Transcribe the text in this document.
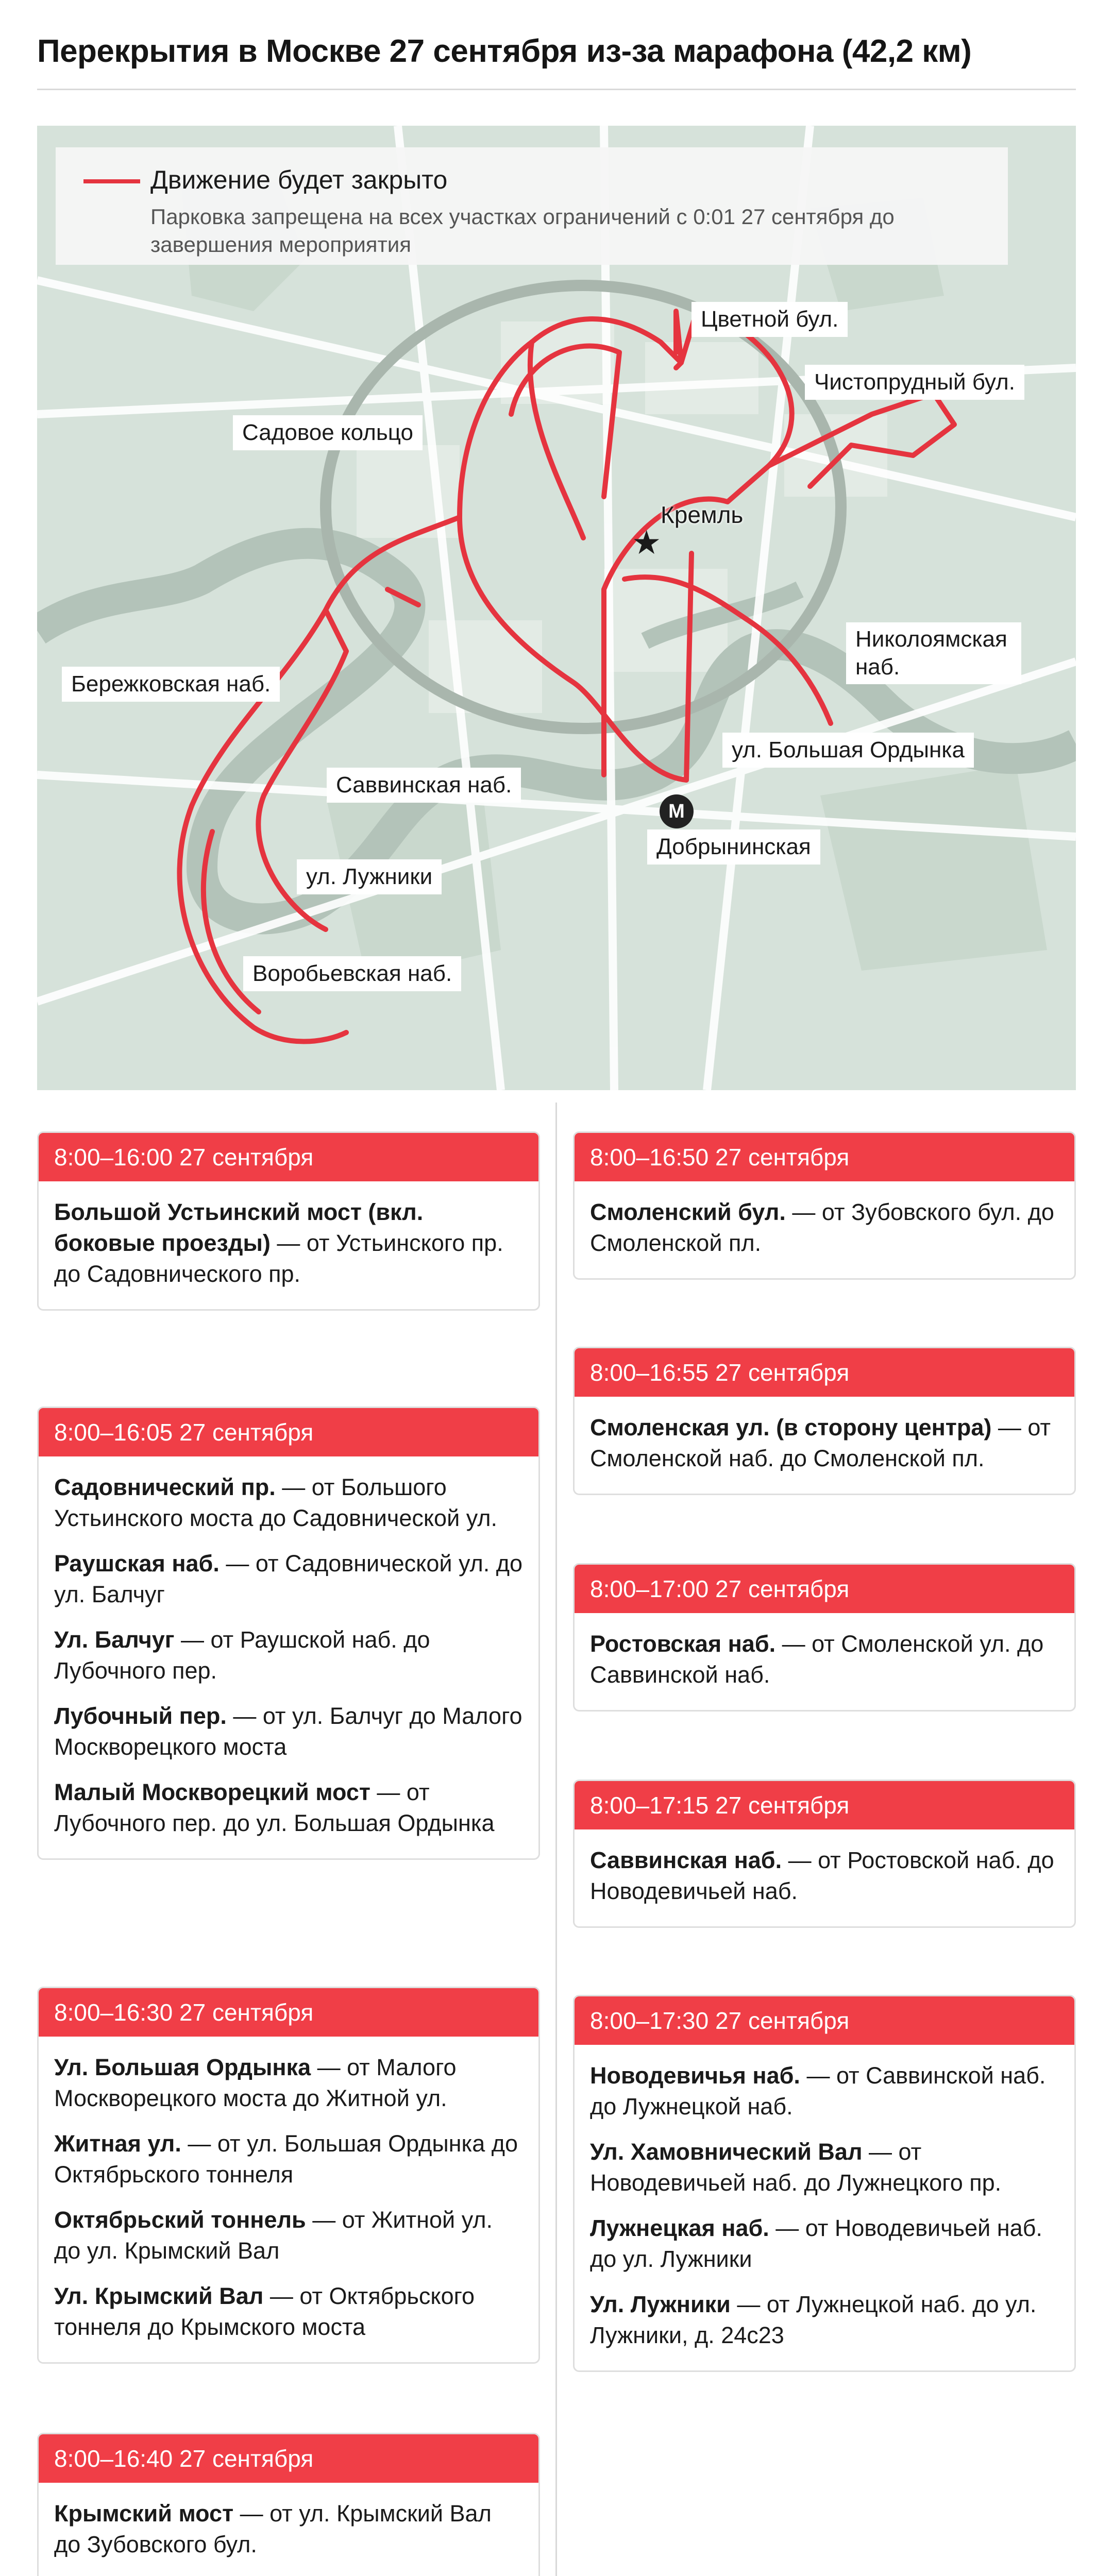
Перекрытия в Москве 27 сентября из-за марафона (42,2 км)
Движение будет закрыто
Парковка запрещена на всех участках ограничений с 0:01 27 сентября до завершения мероприятия
Цветной бул.
Чистопрудный бул.
Садовое кольцо
★
Кремль
Николоямская наб.
Бережковская наб.
Саввинская наб.
ул. Большая Ордынка
М
Добрынинская
ул. Лужники
Воробьевская наб.
8:00–16:00 27 сентября
Большой Устьинский мост (вкл. боковые проезды) — от Устьинского пр. до Садовнического пр.
8:00–16:05 27 сентября
Садовнический пр. — от Большого Устьинского моста до Садовнической ул.
Раушская наб. — от Садовнической ул. до ул. Балчуг
Ул. Балчуг — от Раушской наб. до Лубочного пер.
Лубочный пер. — от ул. Балчуг до Малого Москворецкого моста
Малый Москворецкий мост — от Лубочного пер. до ул. Большая Ордынка
8:00–16:30 27 сентября
Ул. Большая Ордынка — от Малого Москворецкого моста до Житной ул.
Житная ул. — от ул. Большая Ордынка до Октябрьского тоннеля
Октябрьский тоннель — от Житной ул. до ул. Крымский Вал
Ул. Крымский Вал — от Октябрьского тоннеля до Крымского моста
8:00–16:40 27 сентября
Крымский мост — от ул. Крымский Вал до Зубовского бул.
8:00–16:50 27 сентября
Смоленский бул. — от Зубовского бул. до Смоленской пл.
8:00–16:55 27 сентября
Смоленская ул. (в сторону центра) — от Смоленской наб. до Смоленской пл.
8:00–17:00 27 сентября
Ростовская наб. — от Смоленской ул. до Саввинской наб.
8:00–17:15 27 сентября
Саввинская наб. — от Ростовской наб. до Новодевичьей наб.
8:00–17:30 27 сентября
Новодевичья наб. — от Саввинской наб. до Лужнецкой наб.
Ул. Хамовнический Вал — от Новодевичьей наб. до Лужнецкого пр.
Лужнецкая наб. — от Новодевичьей наб. до ул. Лужники
Ул. Лужники — от Лужнецкой наб. до ул. Лужники, д. 24с23
